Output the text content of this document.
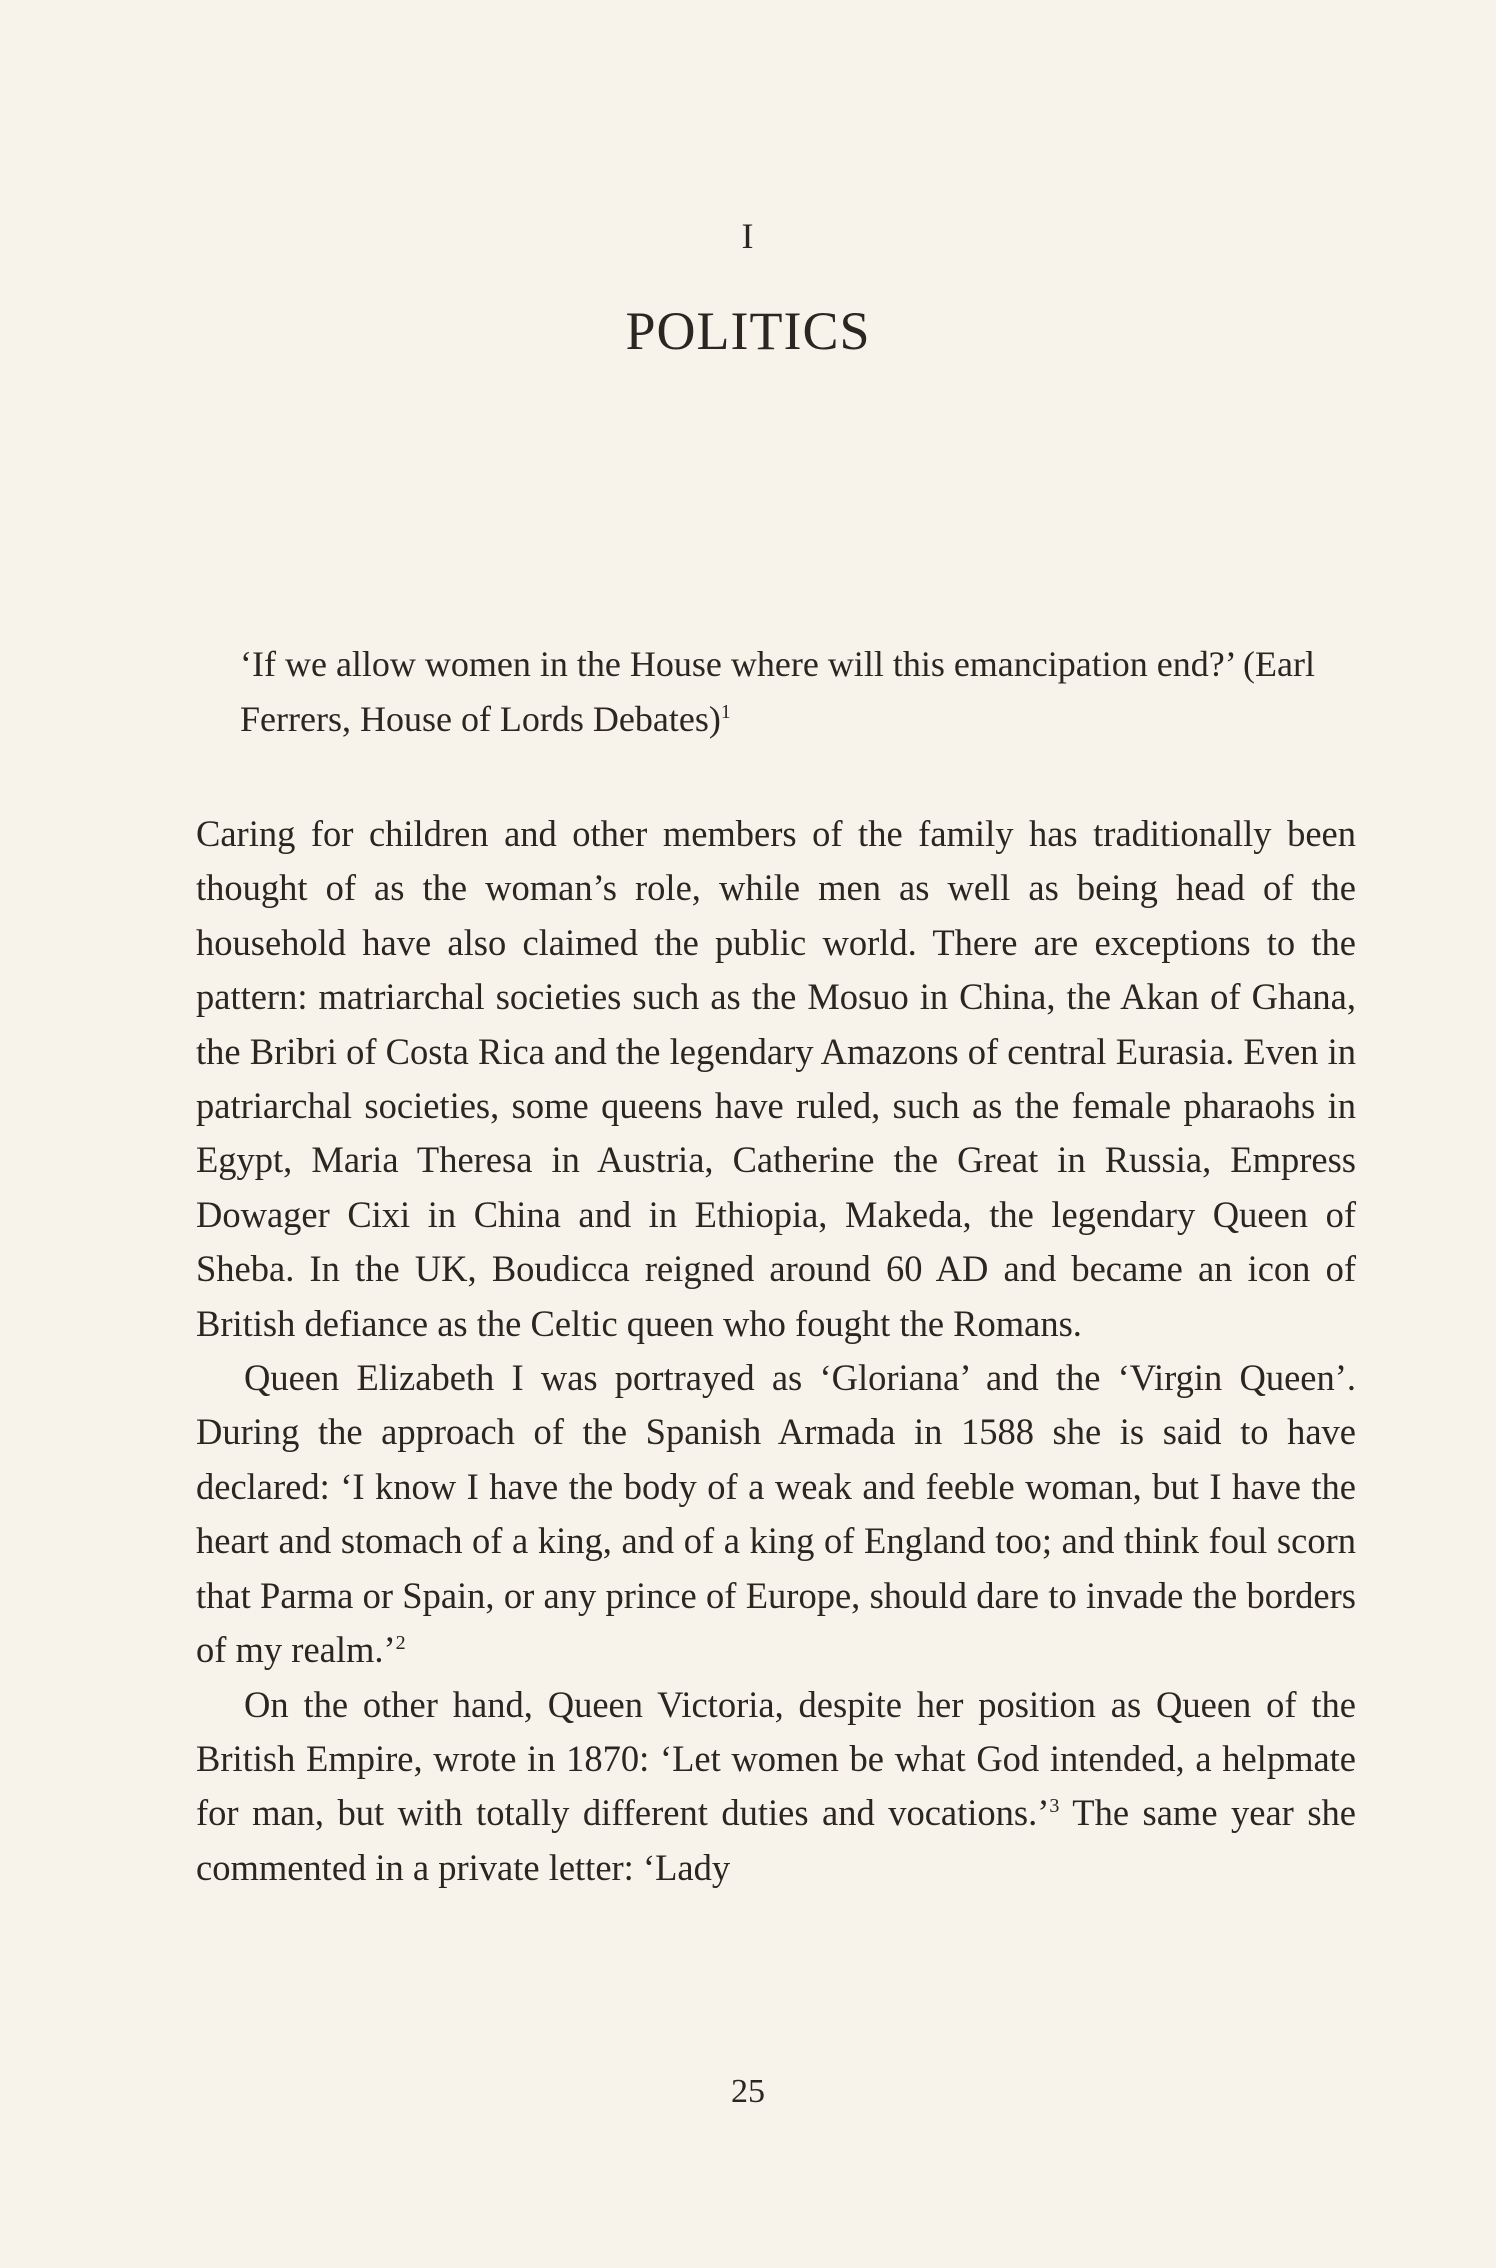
I
POLITICS
‘If we allow women in the House where will this emancipation end?’ (Earl Ferrers, House of Lords Debates)$^1$

Caring for children and other members of the family has traditionally been thought of as the woman’s role, while men as well as being head of the household have also claimed the public world. There are exceptions to the pattern: matriarchal societies such as the Mosuo in China, the Akan of Ghana, the Bribri of Costa Rica and the legendary Amazons of central Eurasia. Even in patriarchal societies, some queens have ruled, such as the female pharaohs in Egypt, Maria Theresa in Austria, Catherine the Great in Russia, Empress Dowager Cixi in China and in Ethiopia, Makeda, the legendary Queen of Sheba. In the UK, Boudicca reigned around 60 AD and became an icon of British defiance as the Celtic queen who fought the Romans.

Queen Elizabeth I was portrayed as ‘Gloriana’ and the ‘Virgin Queen’. During the approach of the Spanish Armada in 1588 she is said to have declared: ‘I know I have the body of a weak and feeble woman, but I have the heart and stomach of a king, and of a king of England too; and think foul scorn that Parma or Spain, or any prince of Europe, should dare to invade the borders of my realm.’$^2$

On the other hand, Queen Victoria, despite her position as Queen of the British Empire, wrote in 1870: ‘Let women be what God intended, a helpmate for man, but with totally different duties and vocations.’$^3$ The same year she commented in a private letter: ‘Lady

25
